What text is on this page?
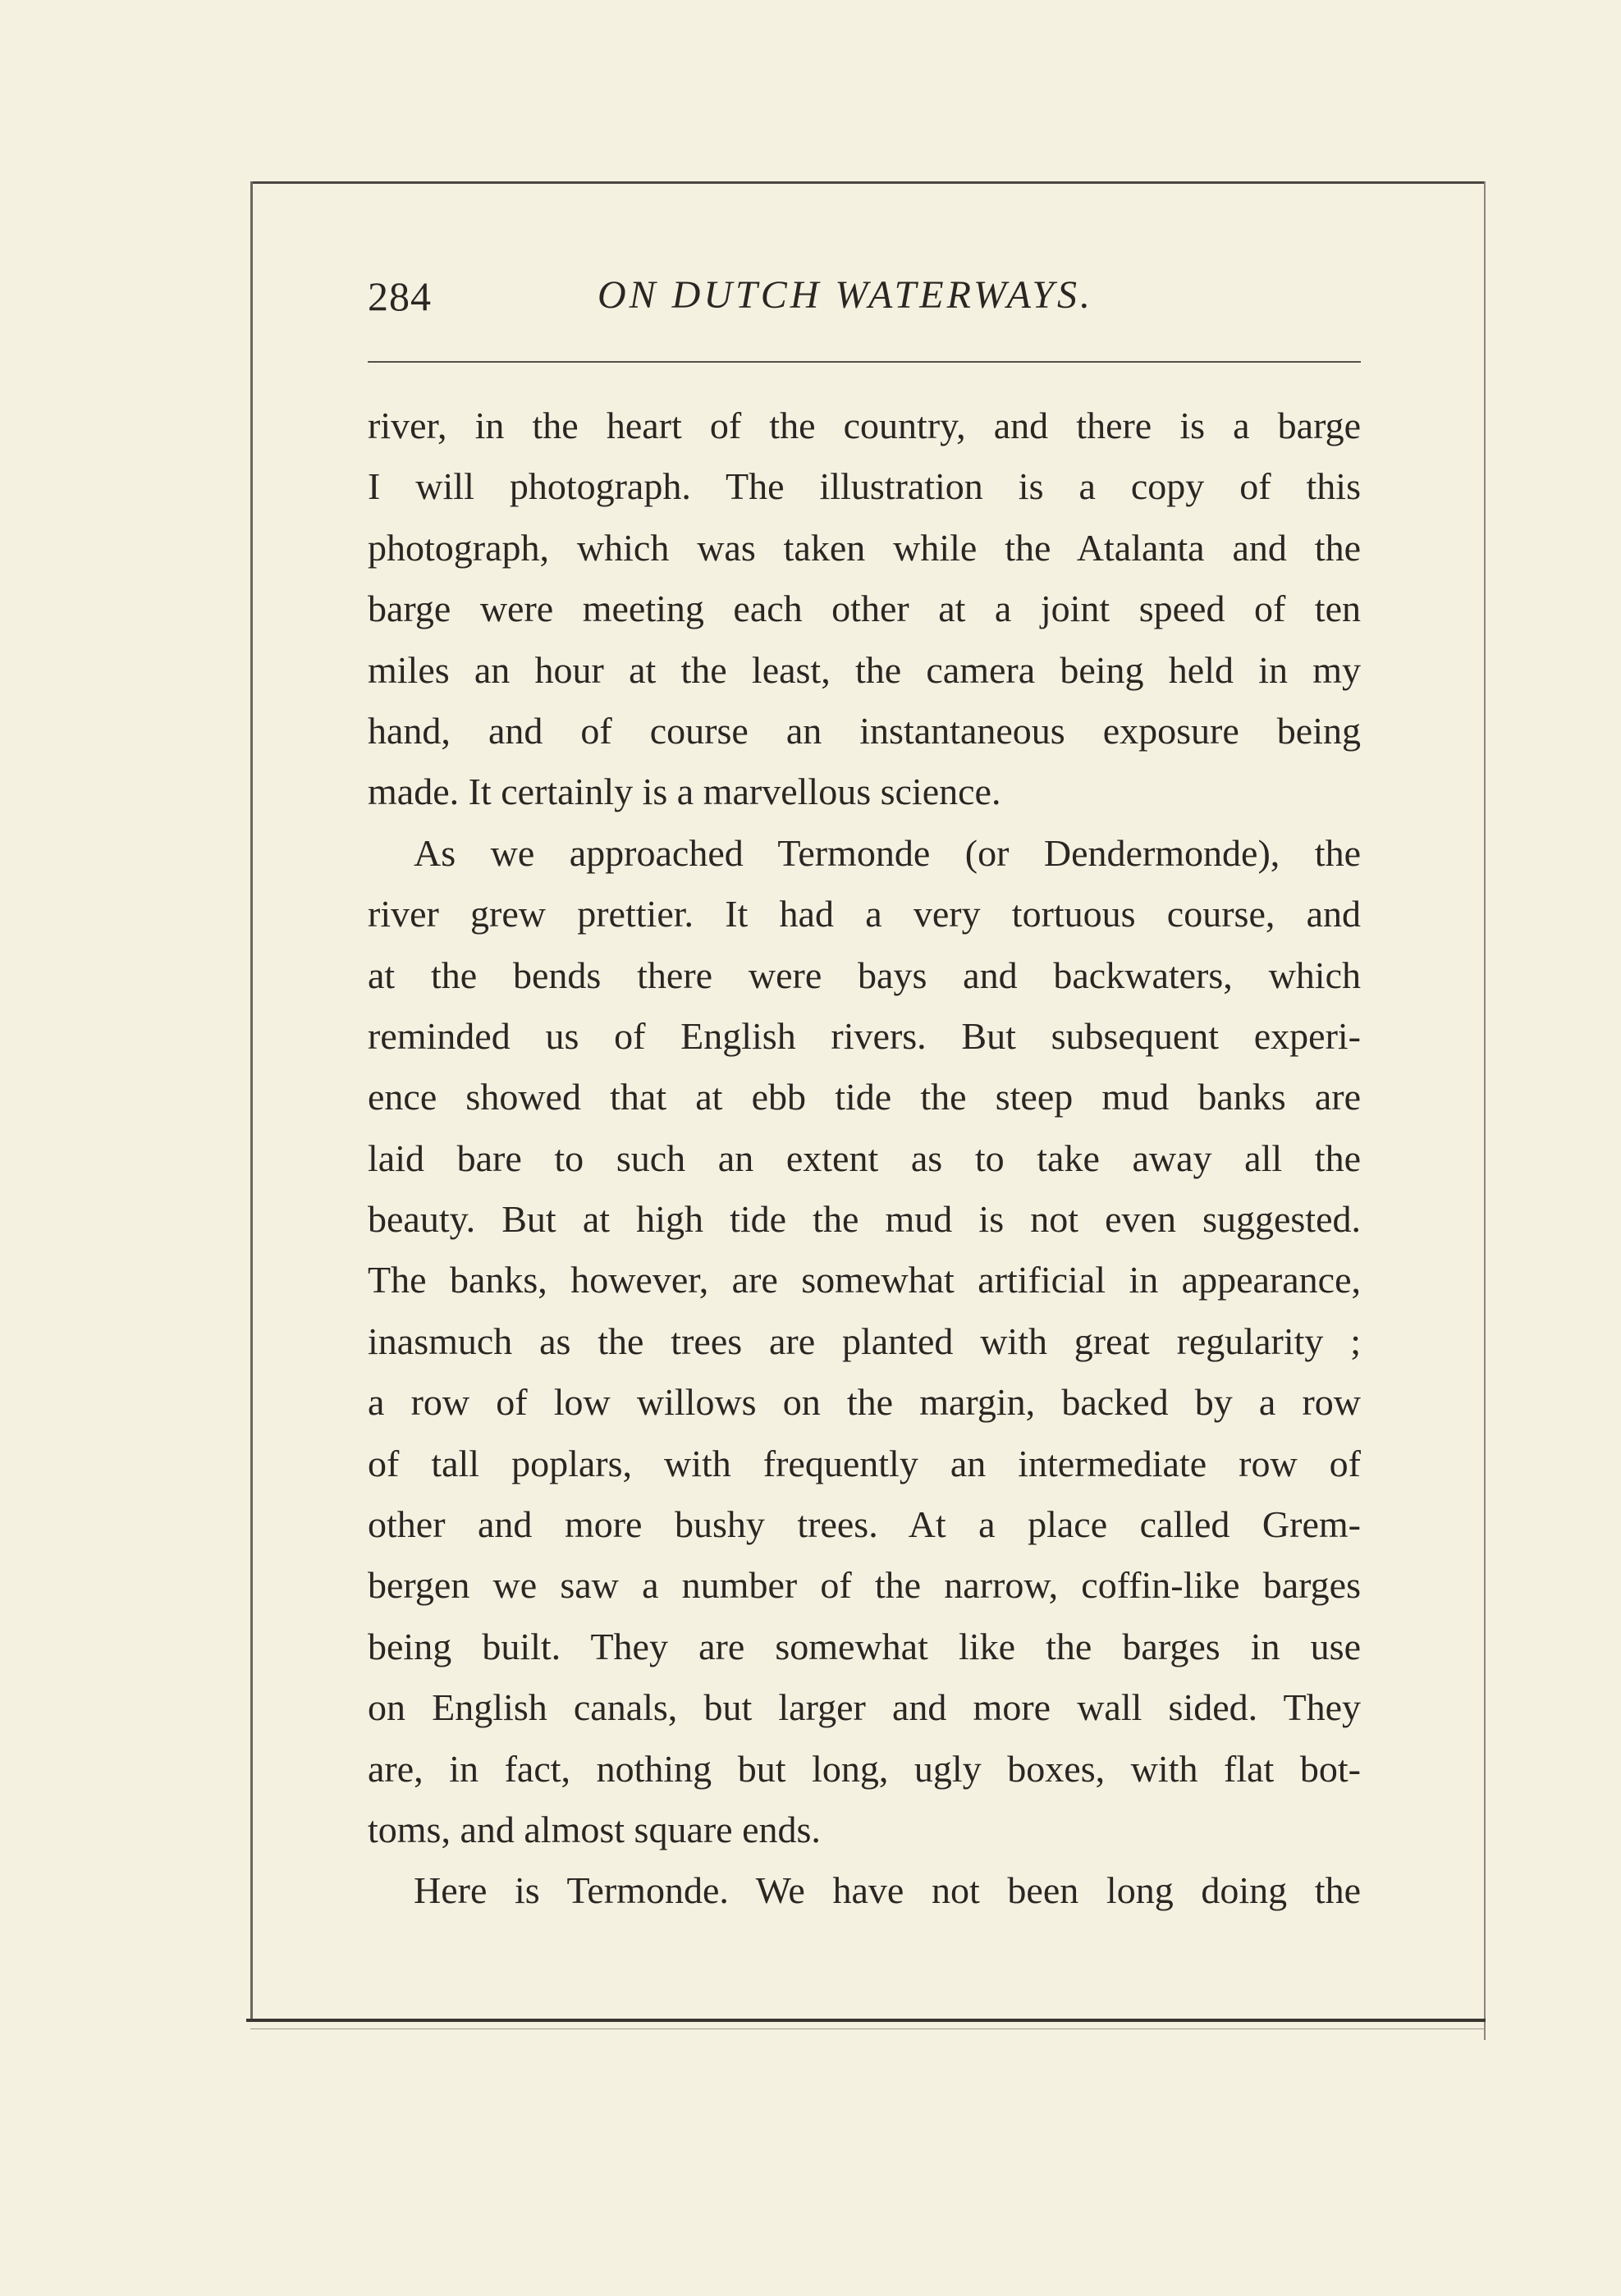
284	ON DUTCH WATERWAYS.
river, in the heart of the country, and there is a barge
I will photograph. The illustration is a copy of this
photograph, which was taken while the Atalanta and the
barge were meeting each other at a joint speed of ten
miles an hour at the least, the camera being held in my
hand, and of course an instantaneous exposure being
made. It certainly is a marvellous science.
As we approached Termonde (or Dendermonde), the
river grew prettier. It had a very tortuous course, and
at the bends there were bays and backwaters, which
reminded us of English rivers. But subsequent experi-
ence showed that at ebb tide the steep mud banks are
laid bare to such an extent as to take away all the
beauty. But at high tide the mud is not even suggested.
The banks, however, are somewhat artificial in appearance,
inasmuch as the trees are planted with great regularity ;
a row of low willows on the margin, backed by a row
of tall poplars, with frequently an intermediate row of
other and more bushy trees. At a place called Grem-
bergen we saw a number of the narrow, coffin-like barges
being built. They are somewhat like the barges in use
on English canals, but larger and more wall sided. They
are, in fact, nothing but long, ugly boxes, with flat bot-
toms, and almost square ends.
Here is Termonde. We have not been long doing the
